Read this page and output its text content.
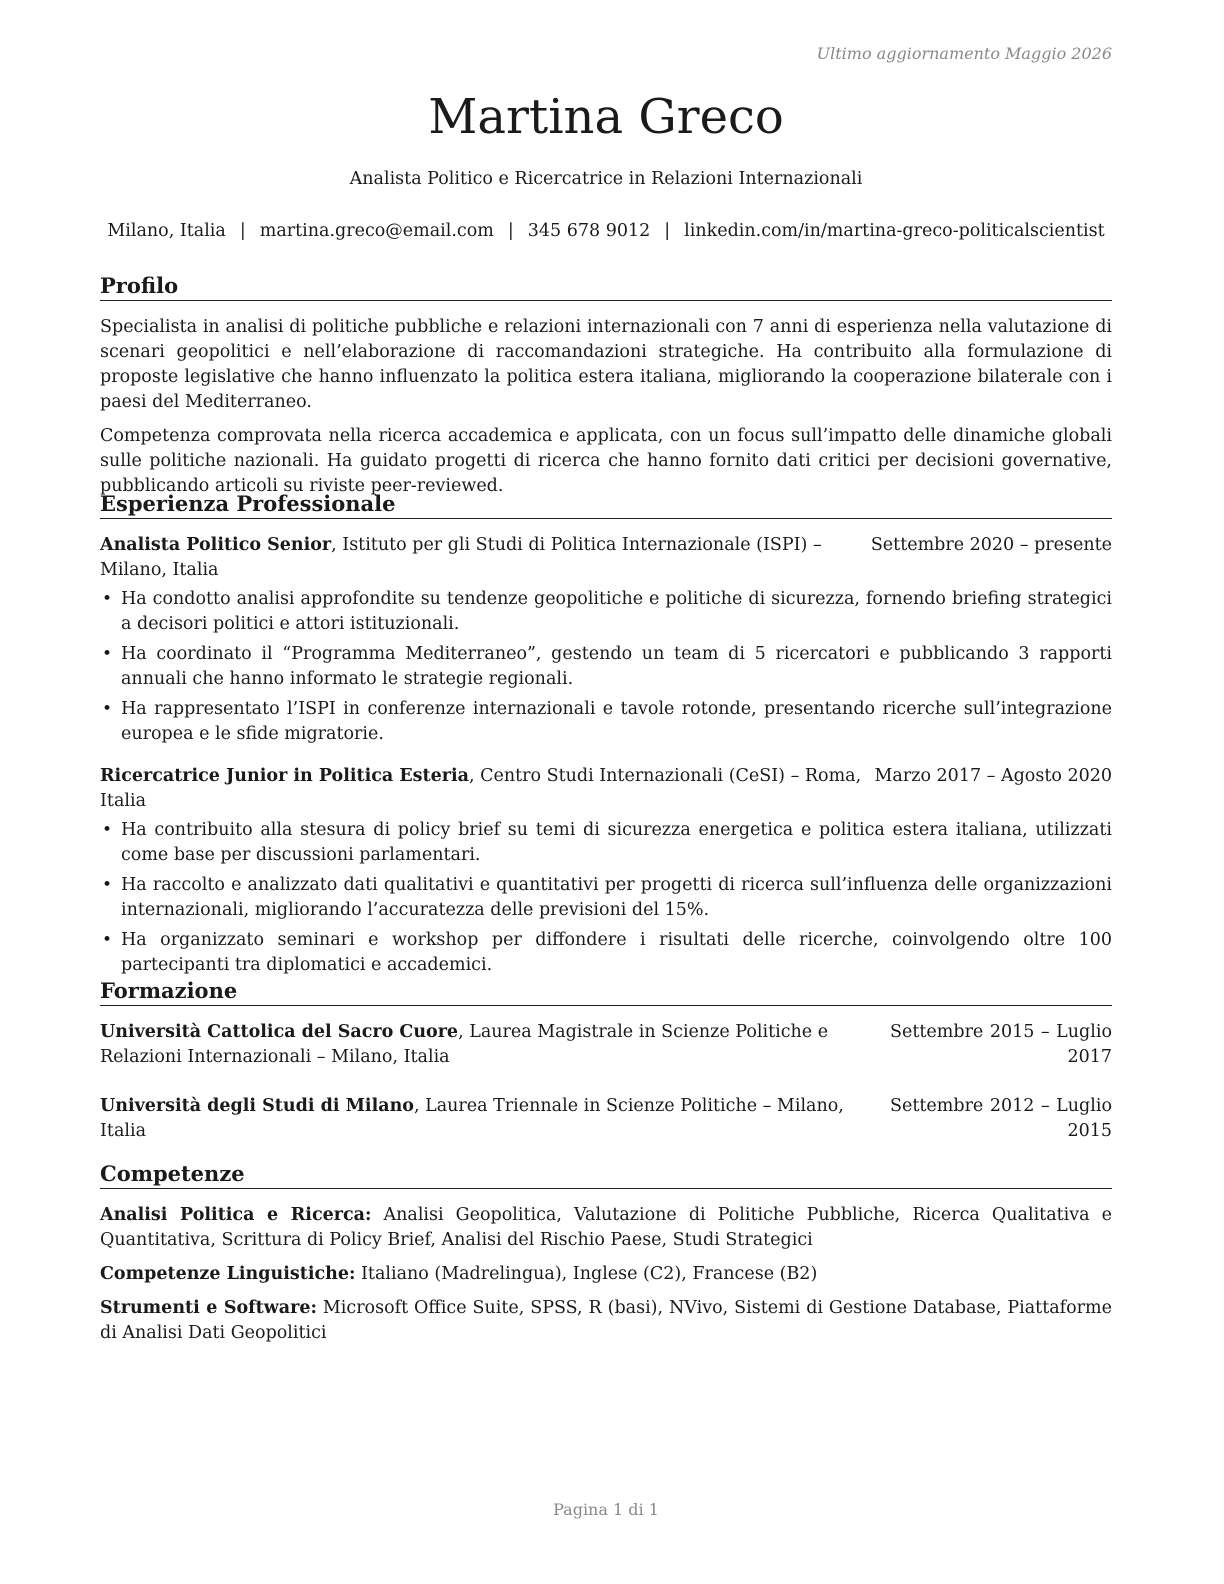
Ultimo aggiornamento Maggio 2026
Martina Greco
Analista Politico e Ricercatrice in Relazioni Internazionali
Milano, Italia | martina.greco@email.com | 345 678 9012 | linkedin.com/in/martina-greco-politicalscientist
Profilo

Specialista in analisi di politiche pubbliche e relazioni internazionali con 7 anni di esperienza nella valutazione di scenari geopolitici e nell’elaborazione di raccomandazioni strategiche. Ha contribuito alla formulazione di proposte legislative che hanno influenzato la politica estera italiana, migliorando la cooperazione bilaterale con i paesi del Mediterraneo.

Competenza comprovata nella ricerca accademica e applicata, con un focus sull’impatto delle dinamiche globali sulle politiche nazionali. Ha guidato progetti di ricerca che hanno fornito dati critici per decisioni governative, pubblicando articoli su riviste peer-reviewed.

Esperienza Professionale
Analista Politico Senior, Istituto per gli Studi di Politica Internazionale (ISPI) – Milano, Italia
Settembre 2020 – presente
• Ha condotto analisi approfondite su tendenze geopolitiche e politiche di sicurezza, fornendo briefing strategici a decisori politici e attori istituzionali.
• Ha coordinato il “Programma Mediterraneo”, gestendo un team di 5 ricercatori e pubblicando 3 rapporti annuali che hanno informato le strategie regionali.
• Ha rappresentato l’ISPI in conferenze internazionali e tavole rotonde, presentando ricerche sull’integrazione europea e le sfide migratorie.
Ricercatrice Junior in Politica Esteria, Centro Studi Internazionali (CeSI) – Roma, Italia
Marzo 2017 – Agosto 2020
• Ha contribuito alla stesura di policy brief su temi di sicurezza energetica e politica estera italiana, utilizzati come base per discussioni parlamentari.
• Ha raccolto e analizzato dati qualitativi e quantitativi per progetti di ricerca sull’influenza delle organizzazioni internazionali, migliorando l’accuratezza delle previsioni del 15%.
• Ha organizzato seminari e workshop per diffondere i risultati delle ricerche, coinvolgendo oltre 100 partecipanti tra diplomatici e accademici.
Formazione
Università Cattolica del Sacro Cuore, Laurea Magistrale in Scienze Politiche e Relazioni Internazionali – Milano, Italia
Settembre 2015 – Luglio
2017
Università degli Studi di Milano, Laurea Triennale in Scienze Politiche – Milano, Italia
Settembre 2012 – Luglio
2015
Competenze

Analisi Politica e Ricerca: Analisi Geopolitica, Valutazione di Politiche Pubbliche, Ricerca Qualitativa e Quantitativa, Scrittura di Policy Brief, Analisi del Rischio Paese, Studi Strategici

Competenze Linguistiche: Italiano (Madrelingua), Inglese (C2), Francese (B2)

Strumenti e Software: Microsoft Office Suite, SPSS, R (basi), NVivo, Sistemi di Gestione Database, Piattaforme di Analisi Dati Geopolitici

Pagina 1 di 1
